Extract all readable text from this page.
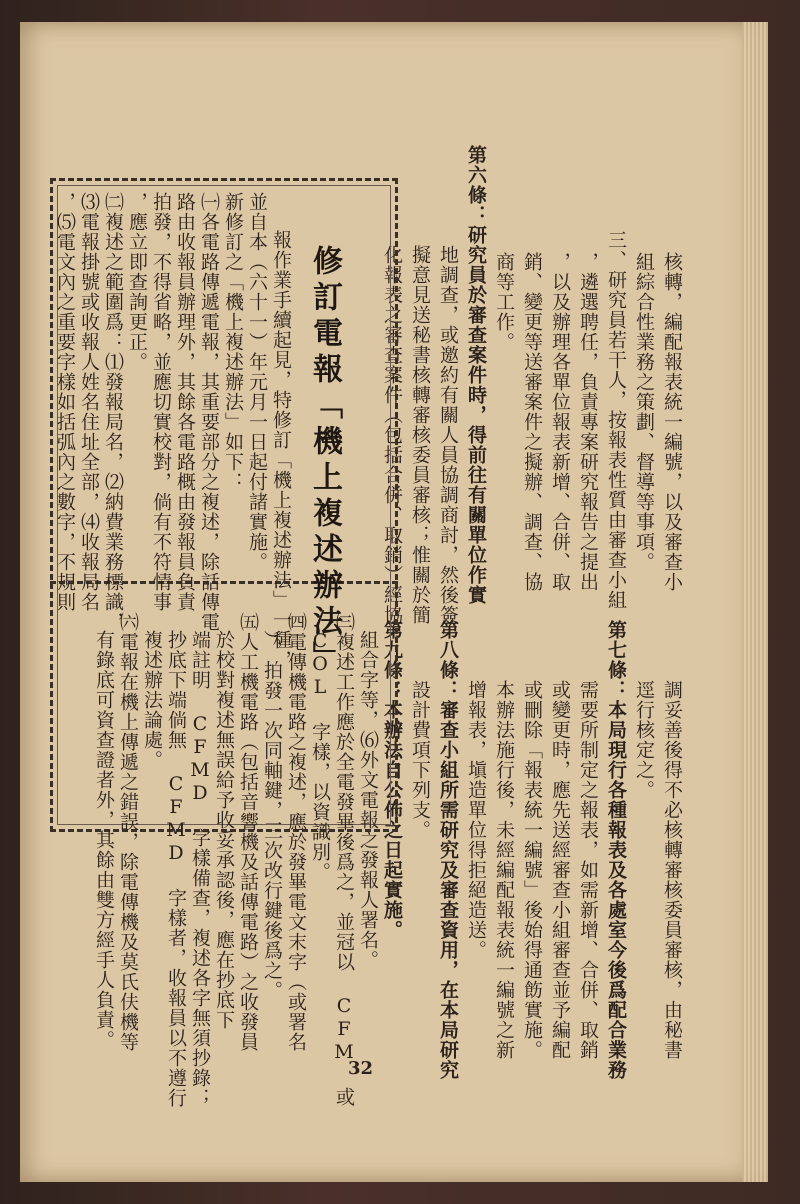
核轉，編配報表統一編號，以及審查小
組綜合性業務之策劃、督導等事項。
三、研究員若干人，按報表性質由審查小組
，遴選聘任，負責專案研究報告之提出
，以及辦理各單位報表新增、合併、取
銷、變更等送審案件之擬辦、調查、協
商等工作。
第六條：研究員於審查案件時，得前往有關單位作實
地調查，或邀約有關人員協調商討，然後簽
擬意見送秘書核轉審核委員審核；惟關於簡
化報表之審查案件（包括合併、取銷）經協
調妥善後得不必核轉審核委員審核，由秘書
逕行核定之。
第七條：本局現行各種報表及各處室今後爲配合業務
需要所制定之報表，如需新增、合併、取銷
或變更時，應先送經審查小組審查並予編配
或刪除「報表統一編號」後始得通飭實施。
本辦法施行後，未經編配報表統一編號之新
增報表，塡造單位得拒絕造送。
第八條：審查小組所需研究及審查資用，在本局研究
設計費項下列支。
第九條：本辦法自公佈之日起實施。
修訂電報「機上複述辦法」
報作業手續起見，特修訂「機上複述辦法」一種，
並自本（六十一）年元月一日起付諸實施。
新修訂之「機上複述辦法」如下：
㈠各電路傳遞電報，其重要部分之複述，除話傳電
路由收報員辦理外，其餘各電路概由發報員負責
拍發，不得省略，並應切實校對，倘有不符情事
，應立即查詢更正。
㈡複述之範圍爲：⑴發報局名，⑵納費業務標識，
⑶電報掛號或收報人姓名住址全部，⑷收報局名
，⑸電文內之重要字樣如括弧內之數字，不規則
組合字等，⑹外文電報之發報人署名。
㈢複述工作應於全電發畢後爲之，並冠以 CFM 或
COL 字樣，以資識別。
㈣電傳機電路之複述，應於發畢電文末字（或署名
），拍發一次同軸鍵，三次改行鍵後爲之。
㈤人工機電路（包括音響機及話傳電路）之收發員
於校對複述無誤給予收妥承認後，應在抄底下
端註明 CFMD 字樣備查，複述各字無須抄錄；
抄底下端倘無 CFMD 字樣者，收報員以不遵行
複述辦法論處。
㈥電報在機上傳遞之錯誤，除電傳機及莫氏伕機等
有錄底可資查證者外，其餘由雙方經手人負責。
32
